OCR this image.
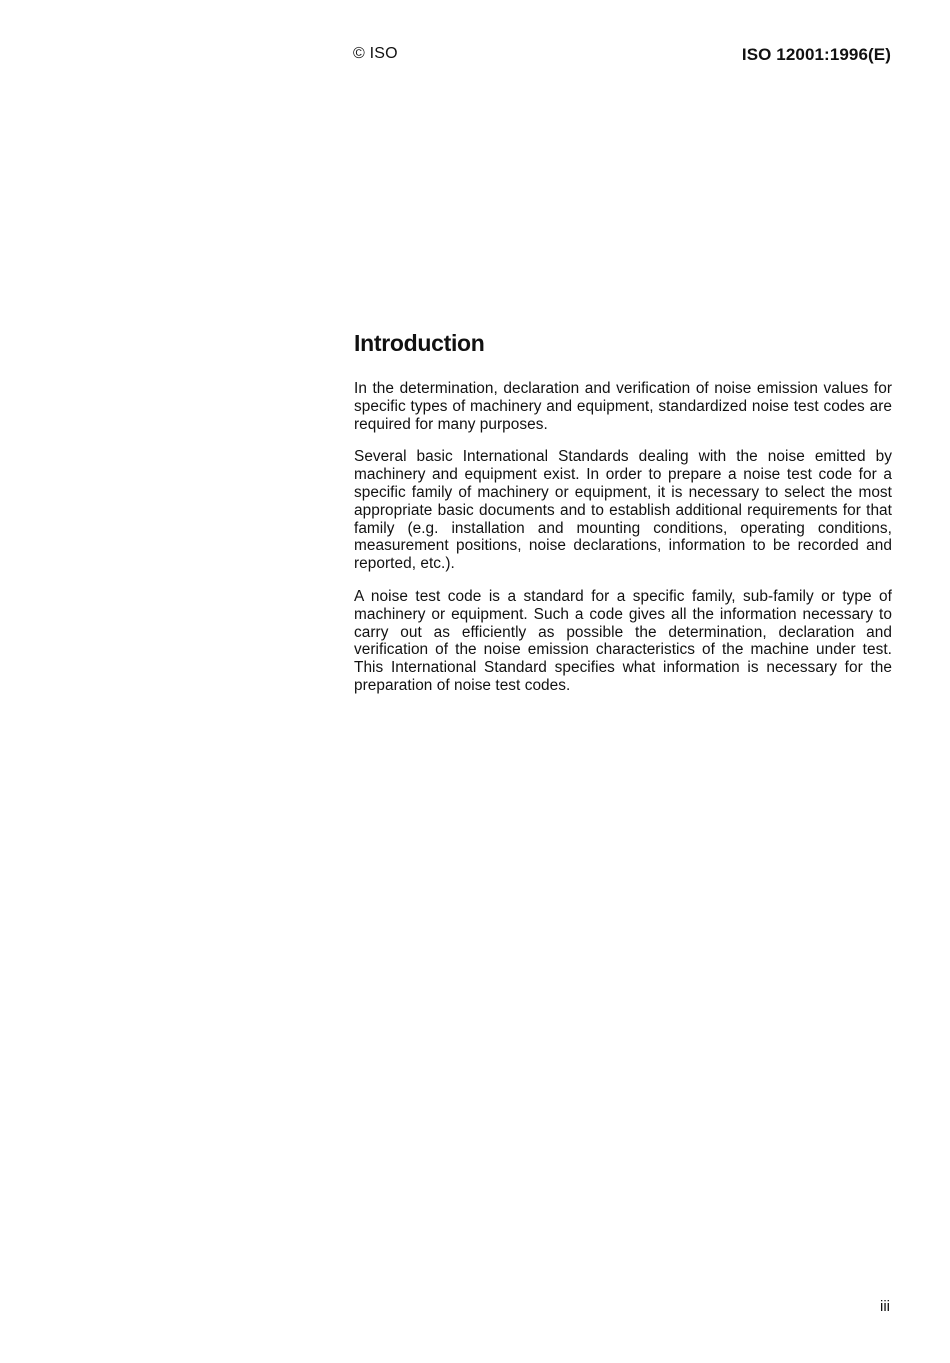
© ISO	ISO 12001:1996(E)
Introduction

In the determination, declaration and verification of noise emission values for specific types of machinery and equipment, standardized noise test codes are required for many purposes.

Several basic International Standards dealing with the noise emitted by machinery and equipment exist. In order to prepare a noise test code for a specific family of machinery or equipment, it is necessary to select the most appropriate basic documents and to establish additional requirements for that family (e.g. installation and mounting conditions, operating conditions, measurement positions, noise declarations, information to be recorded and reported, etc.).

A noise test code is a standard for a specific family, sub-family or type of machinery or equipment. Such a code gives all the information necessary to carry out as efficiently as possible the determination, declaration and verification of the noise emission characteristics of the machine under test. This International Standard specifies what information is necessary for the preparation of noise test codes.

iii
